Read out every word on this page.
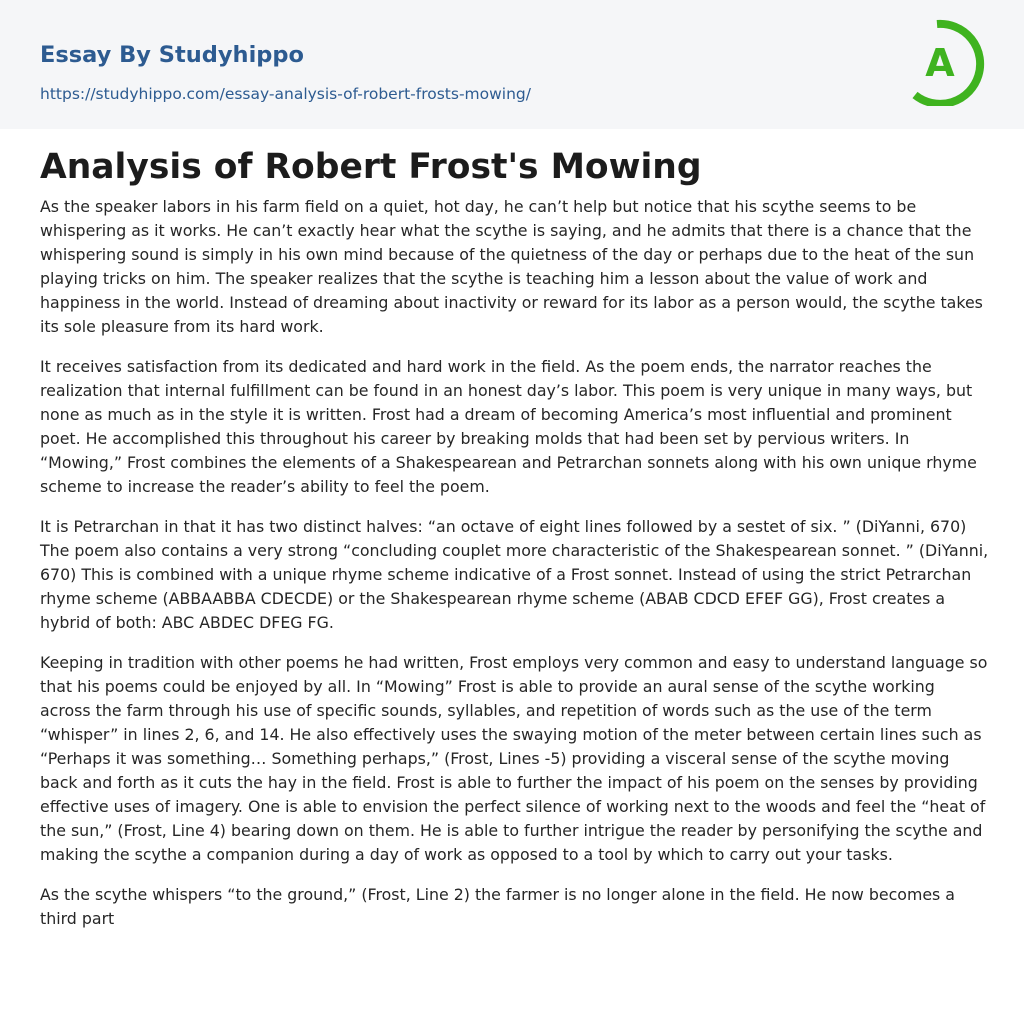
Essay By Studyhippo
https://studyhippo.com/essay-analysis-of-robert-frosts-mowing/
A
Analysis of Robert Frost's Mowing

As the speaker labors in his farm field on a quiet, hot day, he can’t help but notice that his scythe seems to be whispering as it works. He can’t exactly hear what the scythe is saying, and he admits that there is a chance that the whispering sound is simply in his own mind because of the quietness of the day or perhaps due to the heat of the sun playing tricks on him. The speaker realizes that the scythe is teaching him a lesson about the value of work and happiness in the world. Instead of dreaming about inactivity or reward for its labor as a person would, the scythe takes its sole pleasure from its hard work.

It receives satisfaction from its dedicated and hard work in the field. As the poem ends, the narrator reaches the realization that internal fulfillment can be found in an honest day’s labor. This poem is very unique in many ways, but none as much as in the style it is written. Frost had a dream of becoming America’s most influential and prominent poet. He accomplished this throughout his career by breaking molds that had been set by pervious writers. In “Mowing,” Frost combines the elements of a Shakespearean and Petrarchan sonnets along with his own unique rhyme scheme to increase the reader’s ability to feel the poem.

It is Petrarchan in that it has two distinct halves: “an octave of eight lines followed by a sestet of six. ” (DiYanni, 670) The poem also contains a very strong “concluding couplet more characteristic of the Shakespearean sonnet. ” (DiYanni, 670) This is combined with a unique rhyme scheme indicative of a Frost sonnet. Instead of using the strict Petrarchan rhyme scheme (ABBAABBA CDECDE) or the Shakespearean rhyme scheme (ABAB CDCD EFEF GG), Frost creates a hybrid of both: ABC ABDEC DFEG FG.

Keeping in tradition with other poems he had written, Frost employs very common and easy to understand language so that his poems could be enjoyed by all. In “Mowing” Frost is able to provide an aural sense of the scythe working across the farm through his use of specific sounds, syllables, and repetition of words such as the use of the term “whisper” in lines 2, 6, and 14. He also effectively uses the swaying motion of the meter between certain lines such as “Perhaps it was something… Something perhaps,” (Frost, Lines -5) providing a visceral sense of the scythe moving back and forth as it cuts the hay in the field. Frost is able to further the impact of his poem on the senses by providing effective uses of imagery. One is able to envision the perfect silence of working next to the woods and feel the “heat of the sun,” (Frost, Line 4) bearing down on them. He is able to further intrigue the reader by personifying the scythe and making the scythe a companion during a day of work as opposed to a tool by which to carry out your tasks.

As the scythe whispers “to the ground,” (Frost, Line 2) the farmer is no longer alone in the field. He now becomes a third part
